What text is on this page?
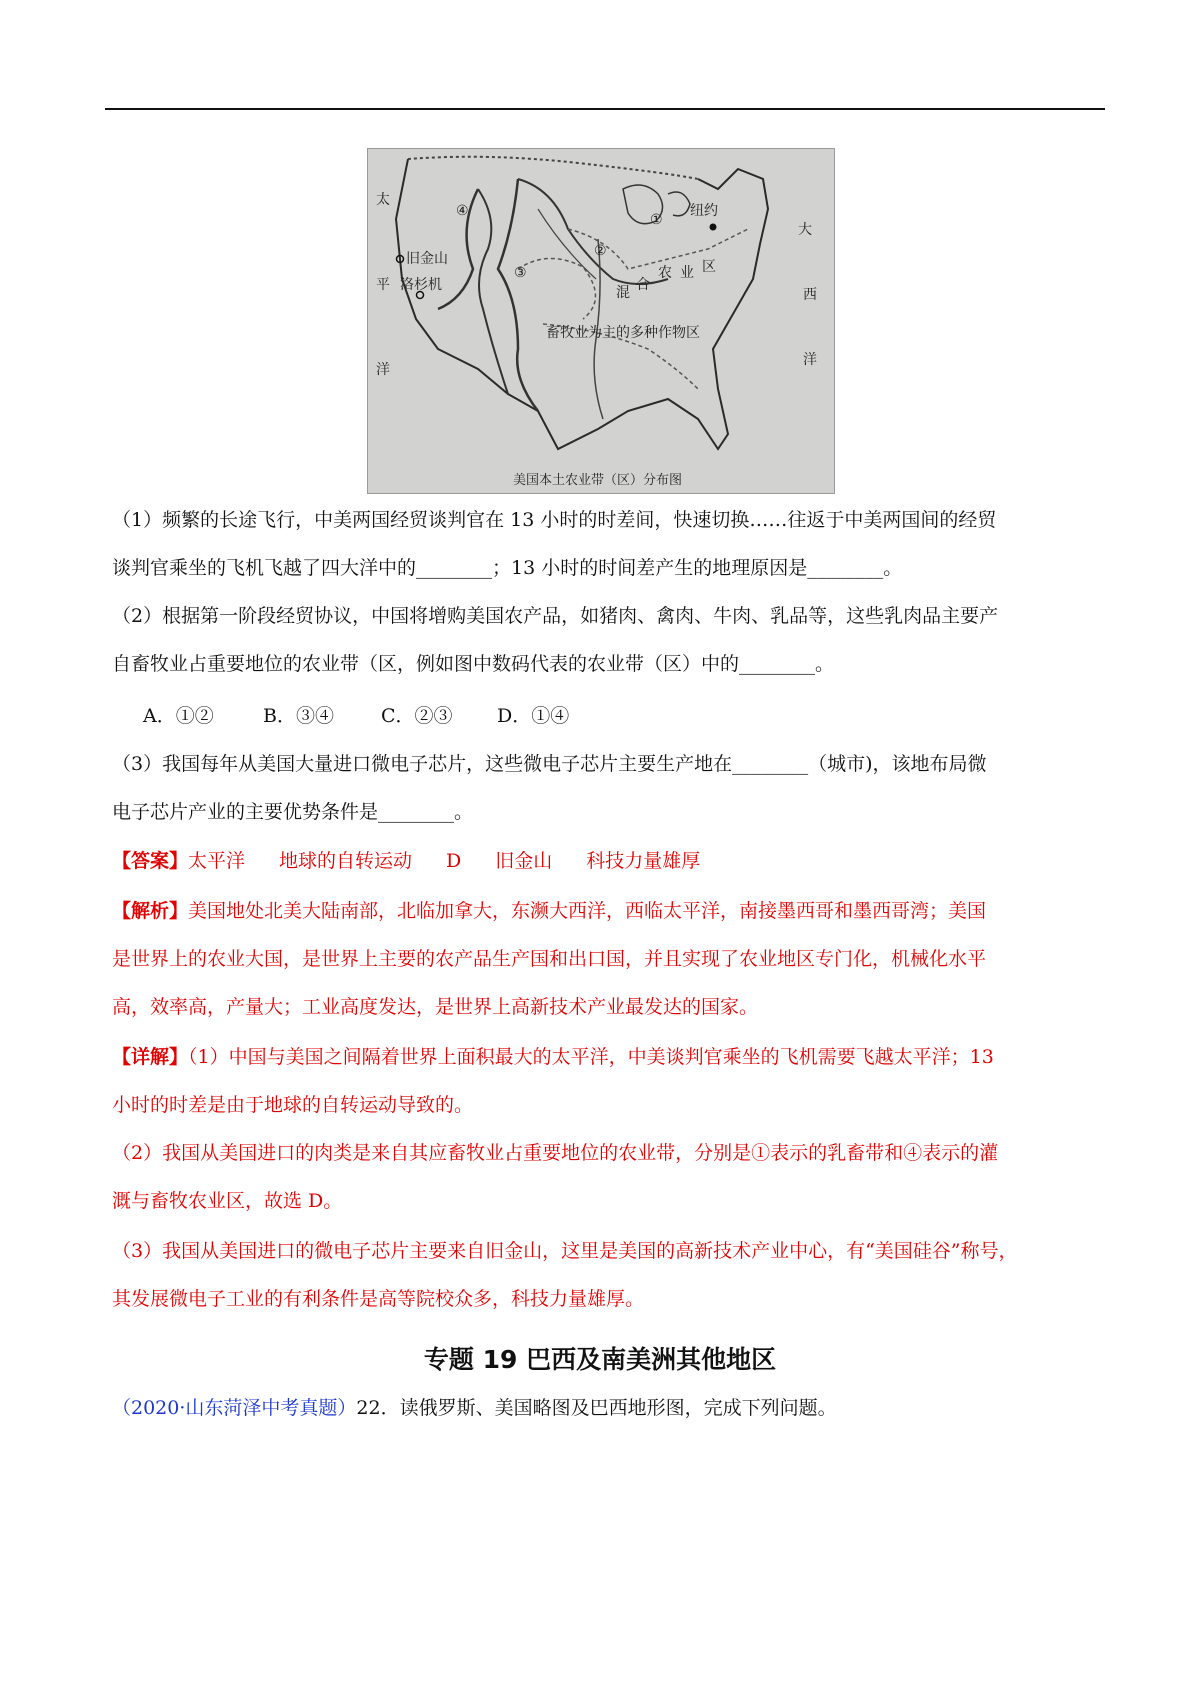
太
平
洋
大
西
洋
旧金山
洛杉机
纽约
①
②
③
④
混 合
农 业 区
畜牧业为主的多种作物区
美国本土农业带（区）分布图
（1）频繁的长途飞行，中美两国经贸谈判官在 13 小时的时差间，快速切换……往返于中美两国间的经贸
谈判官乘坐的飞机飞越了四大洋中的________；13 小时的时间差产生的地理原因是________。
（2）根据第一阶段经贸协议，中国将增购美国农产品，如猪肉、禽肉、牛肉、乳品等，这些乳肉品主要产
自畜牧业占重要地位的农业带（区，例如图中数码代表的农业带（区）中的________。
A．①②	B．③④ C．②③ D．①④
（3）我国每年从美国大量进口微电子芯片，这些微电子芯片主要生产地在________（城市)，该地布局微
电子芯片产业的主要优势条件是________。
【答案】太平洋 地球的自转运动 D 旧金山 科技力量雄厚
【解析】美国地处北美大陆南部，北临加拿大，东濒大西洋，西临太平洋，南接墨西哥和墨西哥湾；美国
是世界上的农业大国，是世界上主要的农产品生产国和出口国，并且实现了农业地区专门化，机械化水平
高，效率高，产量大；工业高度发达，是世界上高新技术产业最发达的国家。
【详解】（1）中国与美国之间隔着世界上面积最大的太平洋，中美谈判官乘坐的飞机需要飞越太平洋；13
小时的时差是由于地球的自转运动导致的。
（2）我国从美国进口的肉类是来自其应畜牧业占重要地位的农业带，分别是①表示的乳畜带和④表示的灌
溉与畜牧农业区，故选 D。
（3）我国从美国进口的微电子芯片主要来自旧金山，这里是美国的高新技术产业中心，有“美国硅谷”称号，
其发展微电子工业的有利条件是高等院校众多，科技力量雄厚。
专题 19 巴西及南美洲其他地区
（2020·山东菏泽中考真题）22．读俄罗斯、美国略图及巴西地形图，完成下列问题。
